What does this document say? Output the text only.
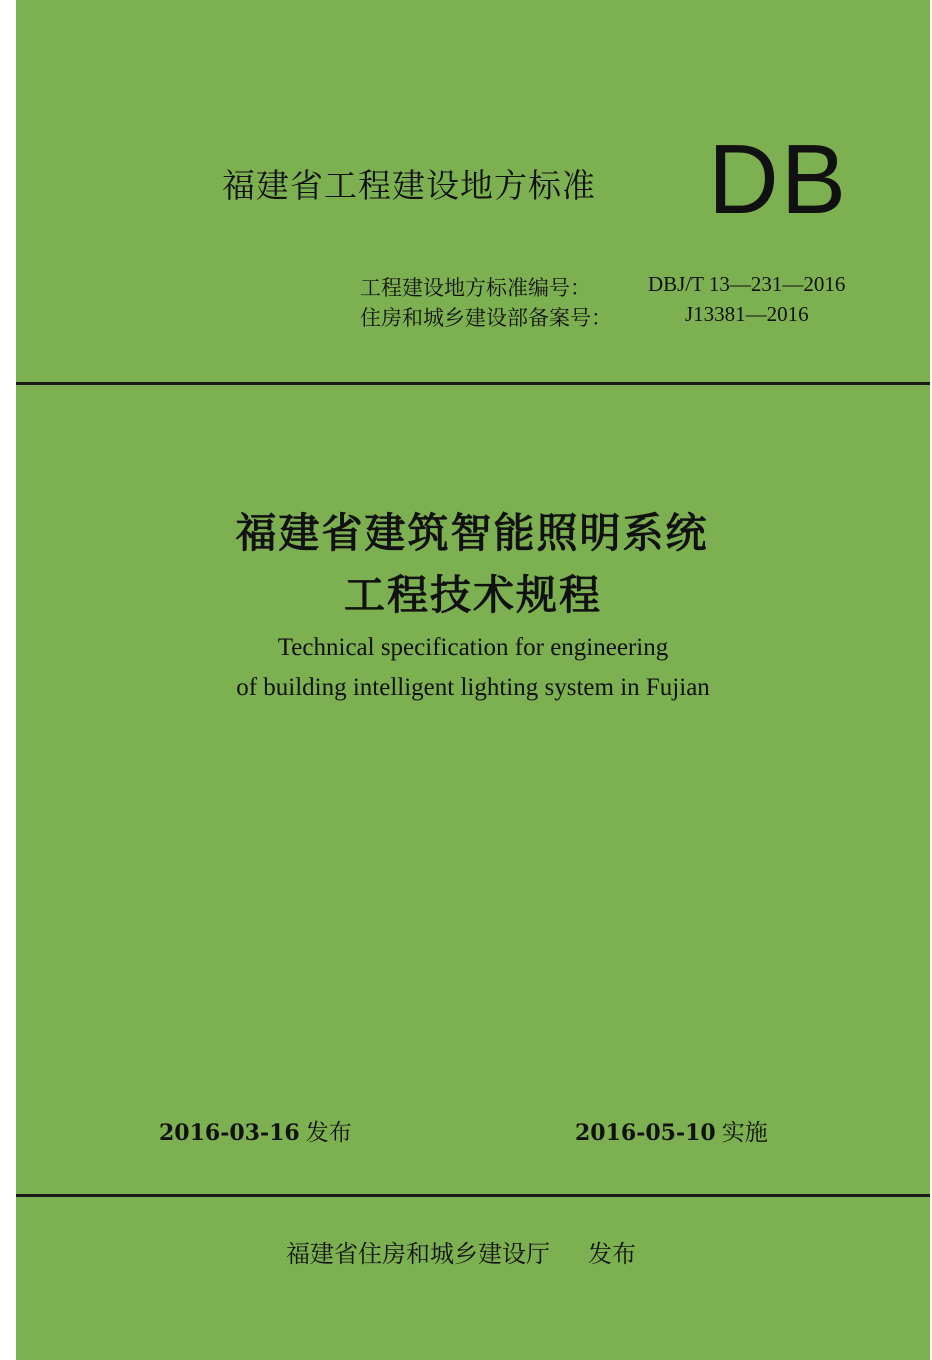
福建省工程建设地方标准 DB
工程建设地方标准编号：	DBJ/T 13—231—2016
住房和城乡建设部备案号：	J13381—2016
福建省建筑智能照明系统
工程技术规程
Technical specification for engineering
of building intelligent lighting system in Fujian
2016-03-16 发布	2016-05-10 实施
福建省住房和城乡建设厅 发布
